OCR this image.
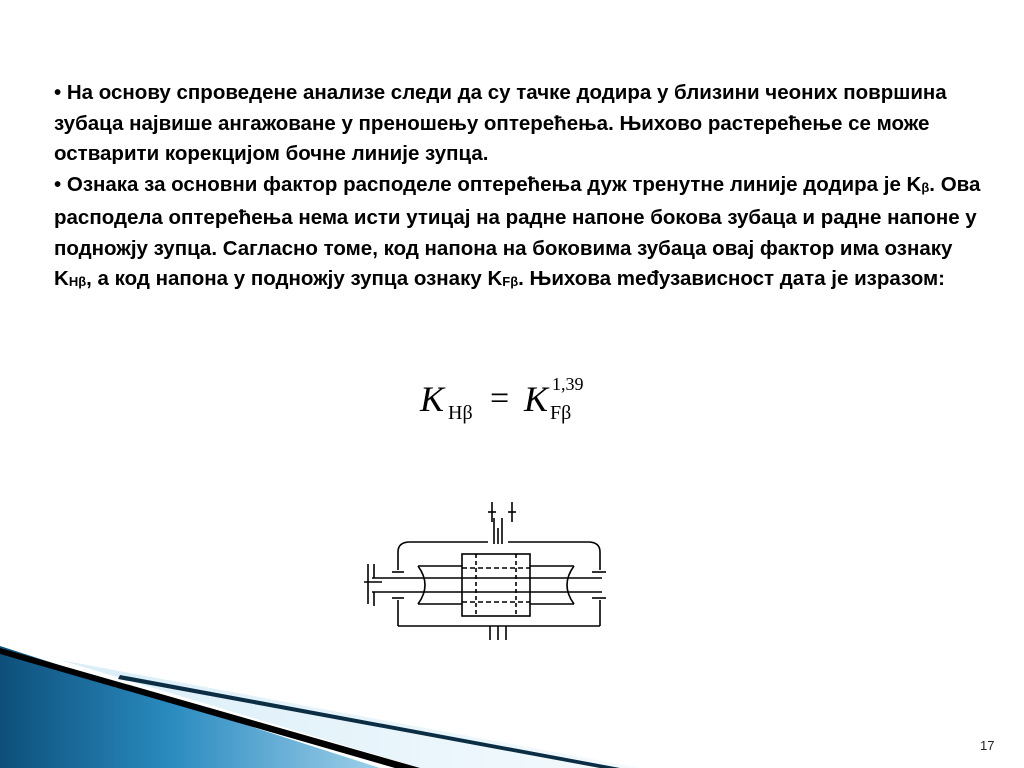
• На основу спроведене анализе следи да су тачке додира у близини чеоних површина зубаца највише ангажоване у преношењу оптерећења. Њихово растерећење се може остварити корекцијом бочне линије зупца.

• Ознака за основни фактор расподеле оптерећења дуж тренутне линије додира је Kβ. Ова расподела оптерећења нема исти утицај на радне напоне бокова зубаца и радне напоне у подножју зупца. Сагласно томе, код напона на боковима зубаца овај фактор има ознаку KHβ, а код напона у подножју зупца ознаку KFβ. Њихова međузависност дата је изразом:

K Hβ = K Fβ
1,39
17
